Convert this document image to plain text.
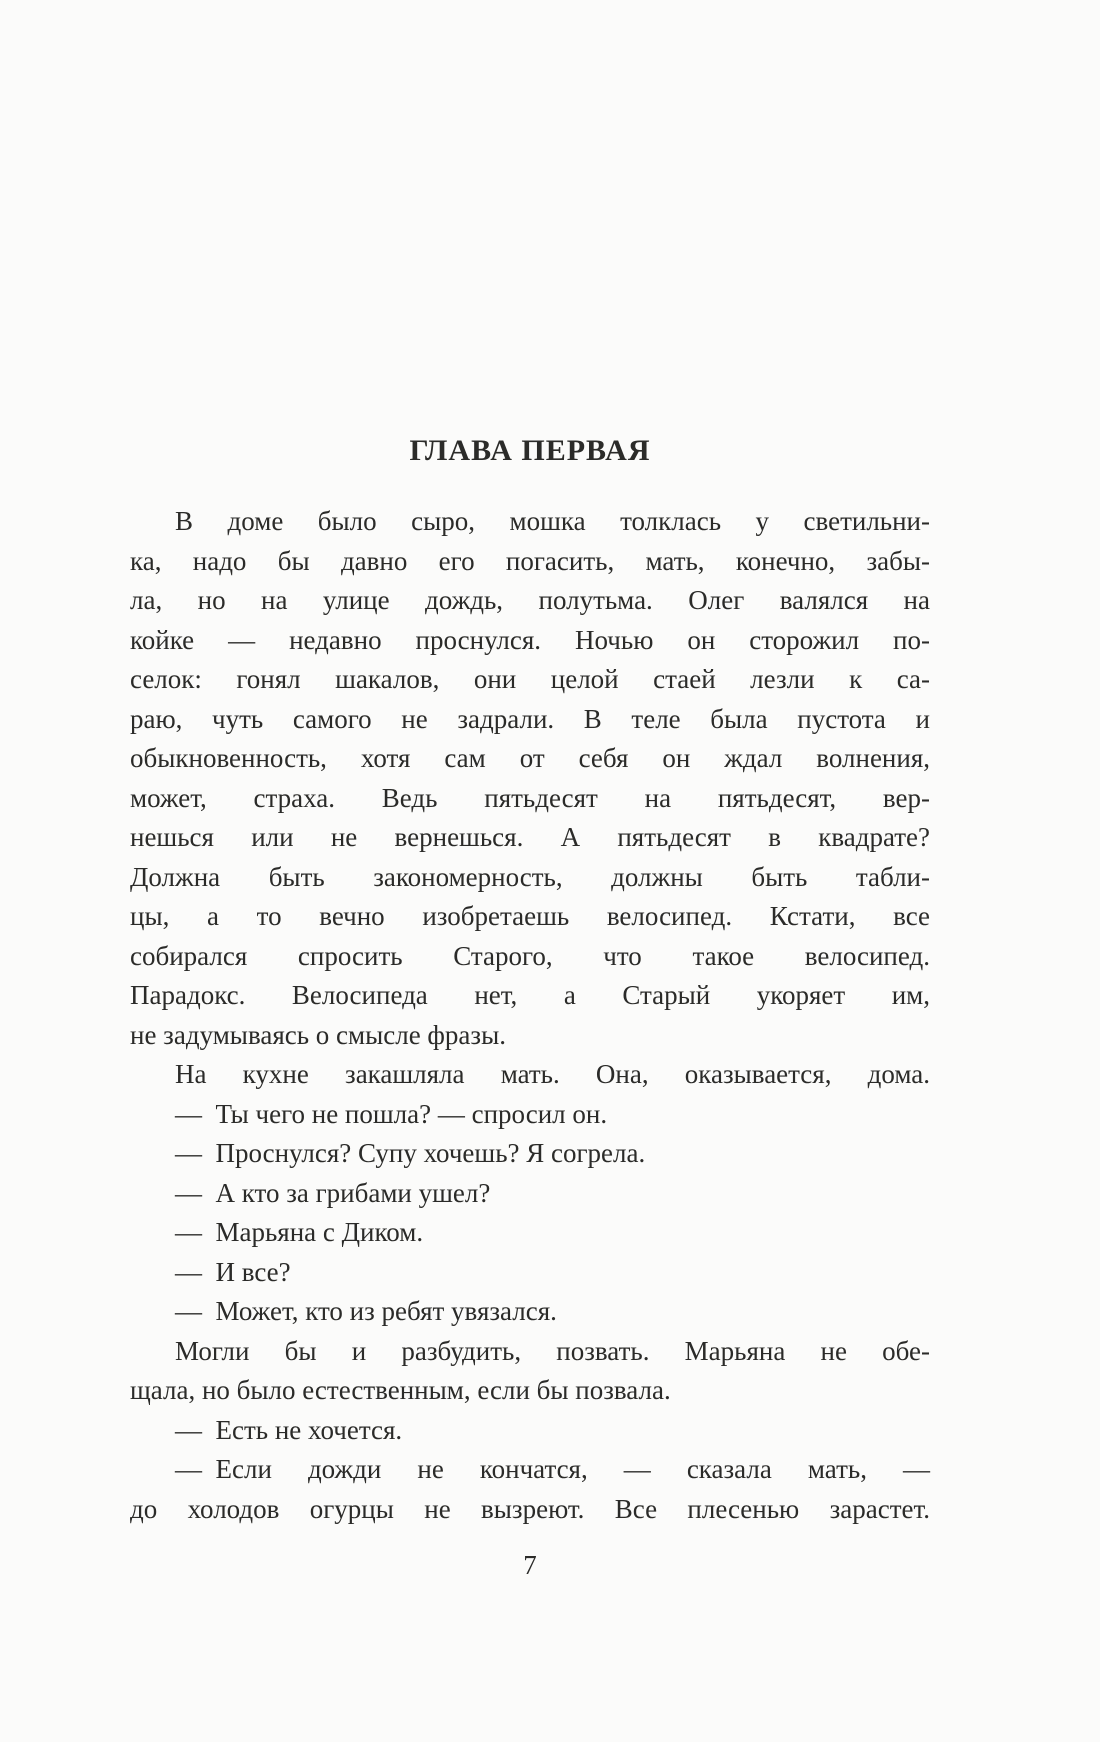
ГЛАВА ПЕРВАЯ
В доме было сыро, мошка толклась у светильни-
ка, надо бы давно его погасить, мать, конечно, забы-
ла, но на улице дождь, полутьма. Олег валялся на
койке — недавно проснулся. Ночью он сторожил по-
селок: гонял шакалов, они целой стаей лезли к са-
раю, чуть самого не задрали. В теле была пустота и
обыкновенность, хотя сам от себя он ждал волнения,
может, страха. Ведь пятьдесят на пятьдесят, вер-
нешься или не вернешься. А пятьдесят в квадрате?
Должна быть закономерность, должны быть табли-
цы, а то вечно изобретаешь велосипед. Кстати, все
собирался спросить Старого, что такое велосипед.
Парадокс. Велосипеда нет, а Старый укоряет им,
не задумываясь о смысле фразы.
На кухне закашляла мать. Она, оказывается, дома.
— Ты чего не пошла? — спросил он.
— Проснулся? Супу хочешь? Я согрела.
— А кто за грибами ушел?
— Марьяна с Диком.
— И все?
— Может, кто из ребят увязался.
Могли бы и разбудить, позвать. Марьяна не обе-
щала, но было естественным, если бы позвала.
— Есть не хочется.
— Если дожди не кончатся, — сказала мать, —
до холодов огурцы не вызреют. Все плесенью зарастет.
7
